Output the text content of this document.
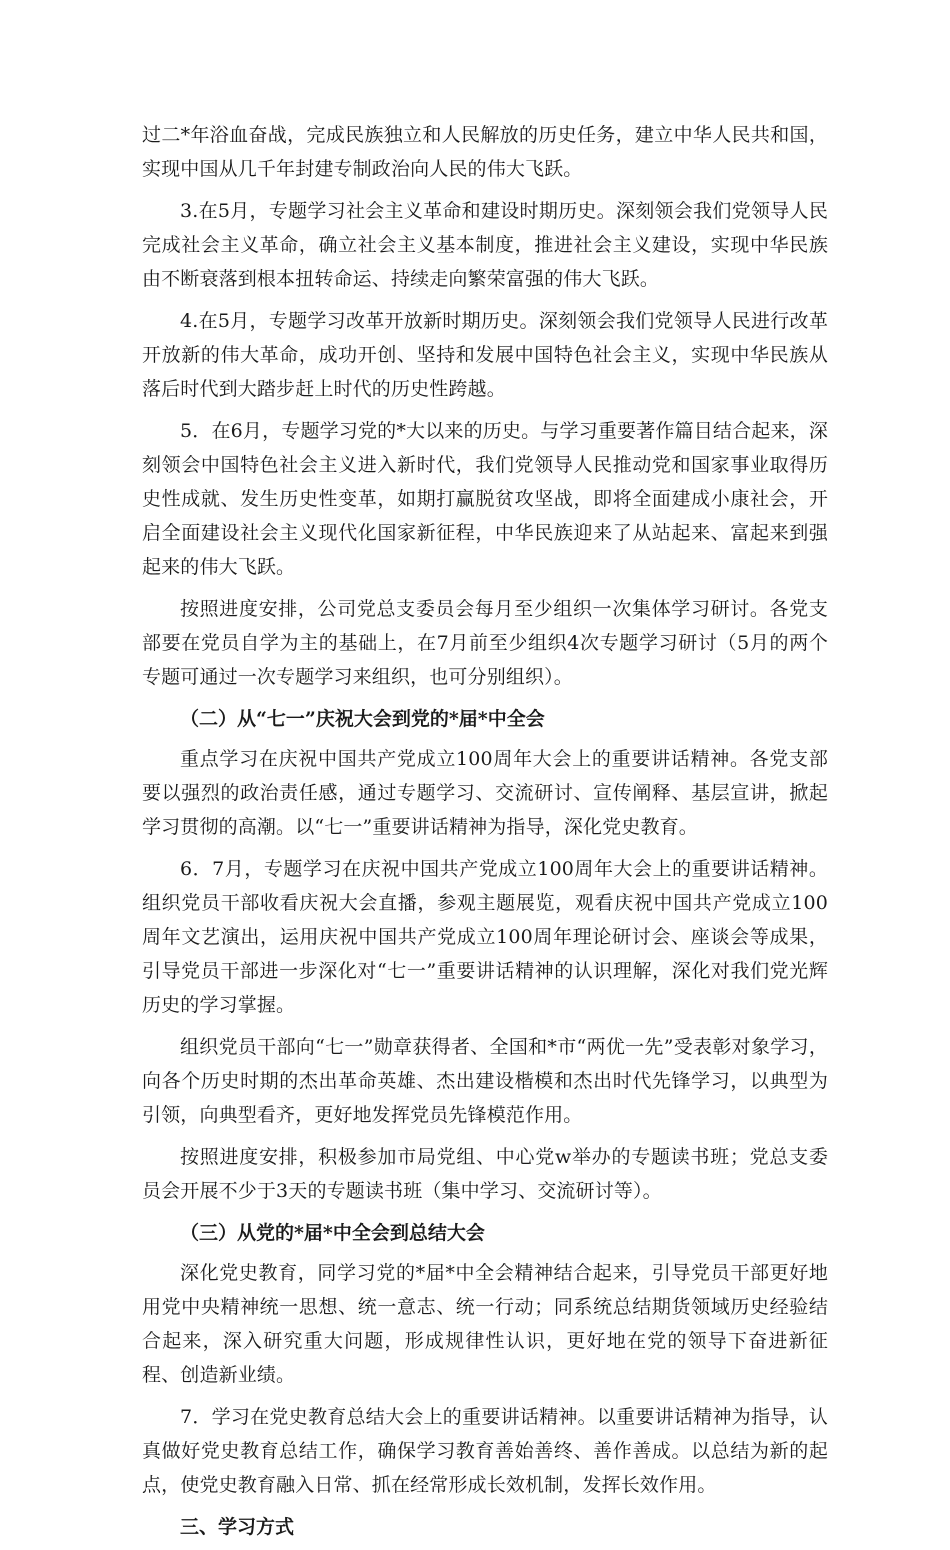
过二*年浴血奋战，完成民族独立和人民解放的历史任务，建立中华人民共和国，实现中国从几千年封建专制政治向人民的伟大飞跃。

3.在5月，专题学习社会主义革命和建设时期历史。深刻领会我们党领导人民完成社会主义革命，确立社会主义基本制度，推进社会主义建设，实现中华民族由不断衰落到根本扭转命运、持续走向繁荣富强的伟大飞跃。

4.在5月，专题学习改革开放新时期历史。深刻领会我们党领导人民进行改革开放新的伟大革命，成功开创、坚持和发展中国特色社会主义，实现中华民族从落后时代到大踏步赶上时代的历史性跨越。

5．在6月，专题学习党的*大以来的历史。与学习重要著作篇目结合起来，深刻领会中国特色社会主义进入新时代，我们党领导人民推动党和国家事业取得历史性成就、发生历史性变革，如期打赢脱贫攻坚战，即将全面建成小康社会，开启全面建设社会主义现代化国家新征程，中华民族迎来了从站起来、富起来到强起来的伟大飞跃。

按照进度安排，公司党总支委员会每月至少组织一次集体学习研讨。各党支部要在党员自学为主的基础上，在7月前至少组织4次专题学习研讨（5月的两个专题可通过一次专题学习来组织，也可分别组织）。

（二）从“七一”庆祝大会到党的*届*中全会

重点学习在庆祝中国共产党成立100周年大会上的重要讲话精神。各党支部要以强烈的政治责任感，通过专题学习、交流研讨、宣传阐释、基层宣讲，掀起学习贯彻的高潮。以“七一”重要讲话精神为指导，深化党史教育。

6．7月，专题学习在庆祝中国共产党成立100周年大会上的重要讲话精神。组织党员干部收看庆祝大会直播，参观主题展览，观看庆祝中国共产党成立100周年文艺演出，运用庆祝中国共产党成立100周年理论研讨会、座谈会等成果，引导党员干部进一步深化对“七一”重要讲话精神的认识理解，深化对我们党光辉历史的学习掌握。

组织党员干部向“七一”勋章获得者、全国和*市“两优一先”受表彰对象学习，向各个历史时期的杰出革命英雄、杰出建设楷模和杰出时代先锋学习，以典型为引领，向典型看齐，更好地发挥党员先锋模范作用。

按照进度安排，积极参加市局党组、中心党w举办的专题读书班；党总支委员会开展不少于3天的专题读书班（集中学习、交流研讨等）。

（三）从党的*届*中全会到总结大会

深化党史教育，同学习党的*届*中全会精神结合起来，引导党员干部更好地用党中央精神统一思想、统一意志、统一行动；同系统总结期货领域历史经验结合起来，深入研究重大问题，形成规律性认识，更好地在党的领导下奋进新征程、创造新业绩。

7．学习在党史教育总结大会上的重要讲话精神。以重要讲话精神为指导，认真做好党史教育总结工作，确保学习教育善始善终、善作善成。以总结为新的起点，使党史教育融入日常、抓在经常形成长效机制，发挥长效作用。

三、学习方式
